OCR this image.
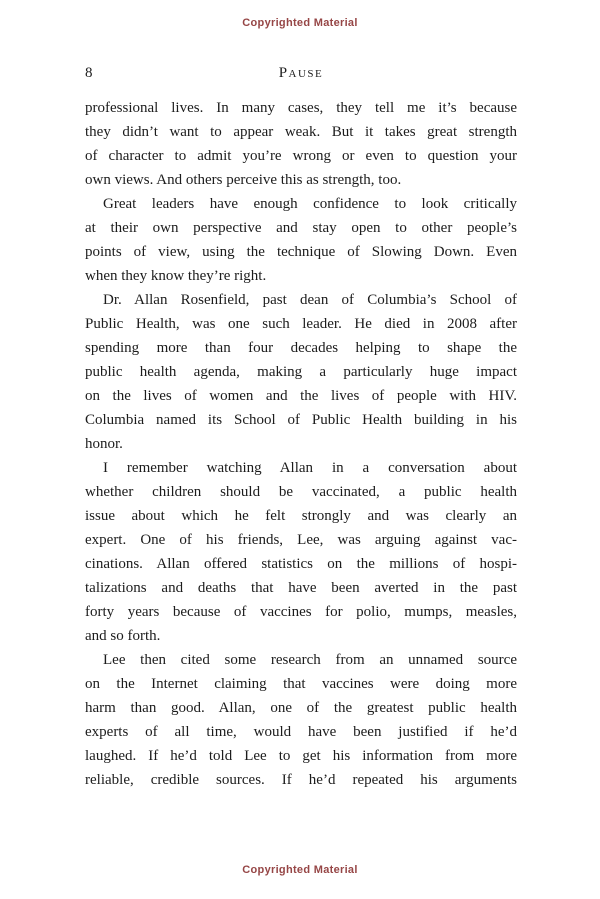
Copyrighted Material
8	Pause
professional lives. In many cases, they tell me it’s because
they didn’t want to appear weak. But it takes great strength
of character to admit you’re wrong or even to question your
own views. And others perceive this as strength, too.
Great leaders have enough confidence to look critically
at their own perspective and stay open to other people’s
points of view, using the technique of Slowing Down. Even
when they know they’re right.
Dr. Allan Rosenfield, past dean of Columbia’s School of
Public Health, was one such leader. He died in 2008 after
spending more than four decades helping to shape the
public health agenda, making a particularly huge impact
on the lives of women and the lives of people with HIV.
Columbia named its School of Public Health building in his
honor.
I remember watching Allan in a conversation about
whether children should be vaccinated, a public health
issue about which he felt strongly and was clearly an
expert. One of his friends, Lee, was arguing against vac-
cinations. Allan offered statistics on the millions of hospi-
talizations and deaths that have been averted in the past
forty years because of vaccines for polio, mumps, measles,
and so forth.
Lee then cited some research from an unnamed source
on the Internet claiming that vaccines were doing more
harm than good. Allan, one of the greatest public health
experts of all time, would have been justified if he’d
laughed. If he’d told Lee to get his information from more
reliable, credible sources. If he’d repeated his arguments
Copyrighted Material
